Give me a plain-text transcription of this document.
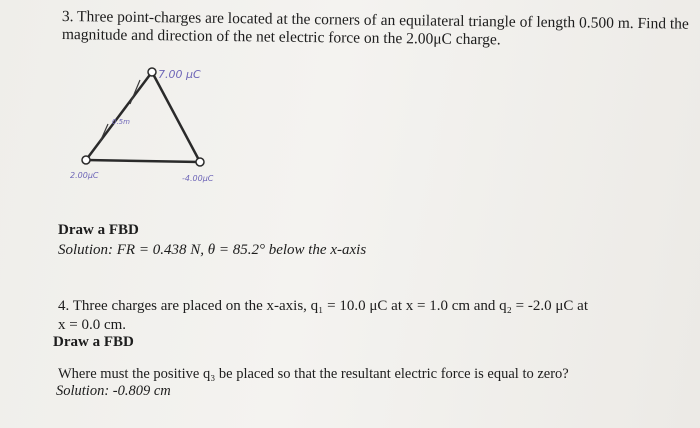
3. Three point-charges are located at the corners of an equilateral triangle of length 0.500 m. Find the
magnitude and direction of the net electric force on the 2.00μC charge.
7.00 μC
0.5m
2.00μC	-4.00μC
Draw a FBD
Solution: FR = 0.438 N, θ = 85.2° below the x-axis
4. Three charges are placed on the x-axis, q₁ = 10.0 μC at x = 1.0 cm and q₂ = -2.0 μC at
x = 0.0 cm.
Draw a FBD
Where must the positive q₃ be placed so that the resultant electric force is equal to zero?
Solution: -0.809 cm
